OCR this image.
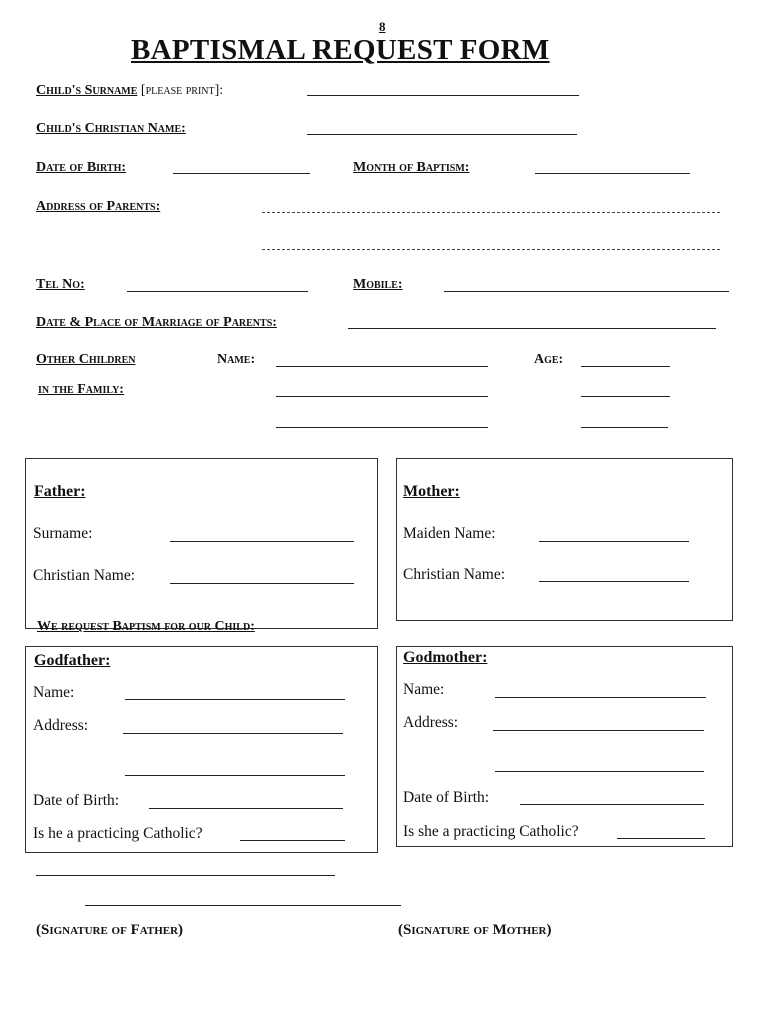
8
BAPTISMAL REQUEST FORM
Child's Surname [please print]:
Child's Christian Name:
Date of Birth:	Month of Baptism:
Address of Parents:
Tel No:	Mobile:
Date & Place of Marriage of Parents:
Other Children
in the Family:
Name:	Age:
Father:
Surname:
Christian Name:
Mother:
Maiden Name:
Christian Name:
We request Baptism for our Child:
Godfather:
Name:
Address:
Date of Birth:
Is he a practicing Catholic?
Godmother:
Name:
Address:
Date of Birth:
Is she a practicing Catholic?
(Signature of Father)	(Signature of Mother)
